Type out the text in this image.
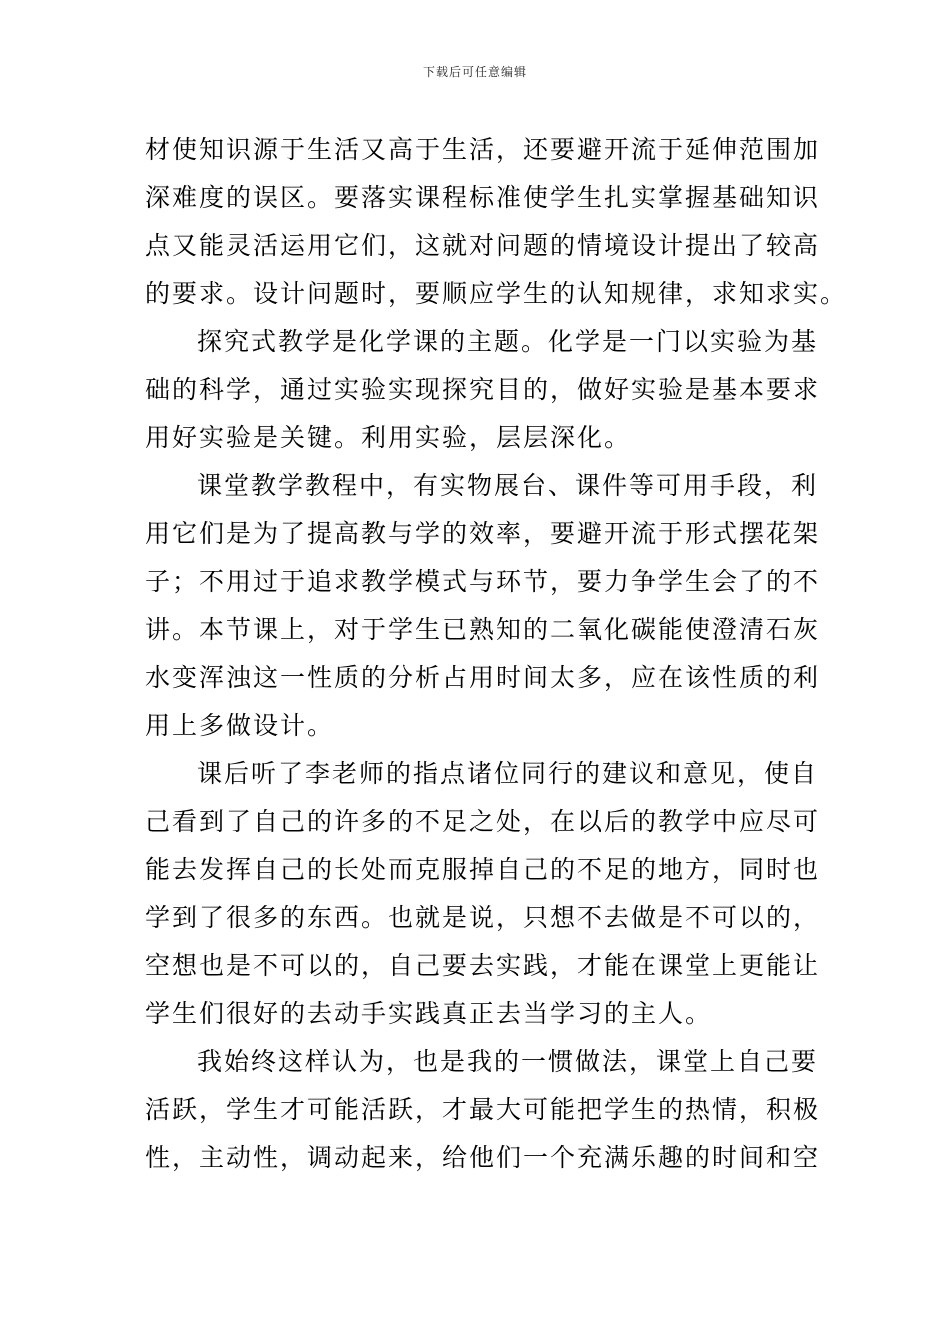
下载后可任意编辑
材使知识源于生活又高于生活，还要避开流于延伸范围加
深难度的误区。要落实课程标准使学生扎实掌握基础知识
点又能灵活运用它们，这就对问题的情境设计提出了较高
的要求。设计问题时，要顺应学生的认知规律，求知求实。
探究式教学是化学课的主题。化学是一门以实验为基
础的科学，通过实验实现探究目的，做好实验是基本要求
用好实验是关键。利用实验，层层深化。
课堂教学教程中，有实物展台、课件等可用手段，利
用它们是为了提高教与学的效率，要避开流于形式摆花架
子；不用过于追求教学模式与环节，要力争学生会了的不
讲。本节课上，对于学生已熟知的二氧化碳能使澄清石灰
水变浑浊这一性质的分析占用时间太多，应在该性质的利
用上多做设计。
课后听了李老师的指点诸位同行的建议和意见，使自
己看到了自己的许多的不足之处，在以后的教学中应尽可
能去发挥自己的长处而克服掉自己的不足的地方，同时也
学到了很多的东西。也就是说，只想不去做是不可以的，
空想也是不可以的，自己要去实践，才能在课堂上更能让
学生们很好的去动手实践真正去当学习的主人。
我始终这样认为，也是我的一惯做法，课堂上自己要
活跃，学生才可能活跃，才最大可能把学生的热情，积极
性，主动性，调动起来，给他们一个充满乐趣的时间和空
